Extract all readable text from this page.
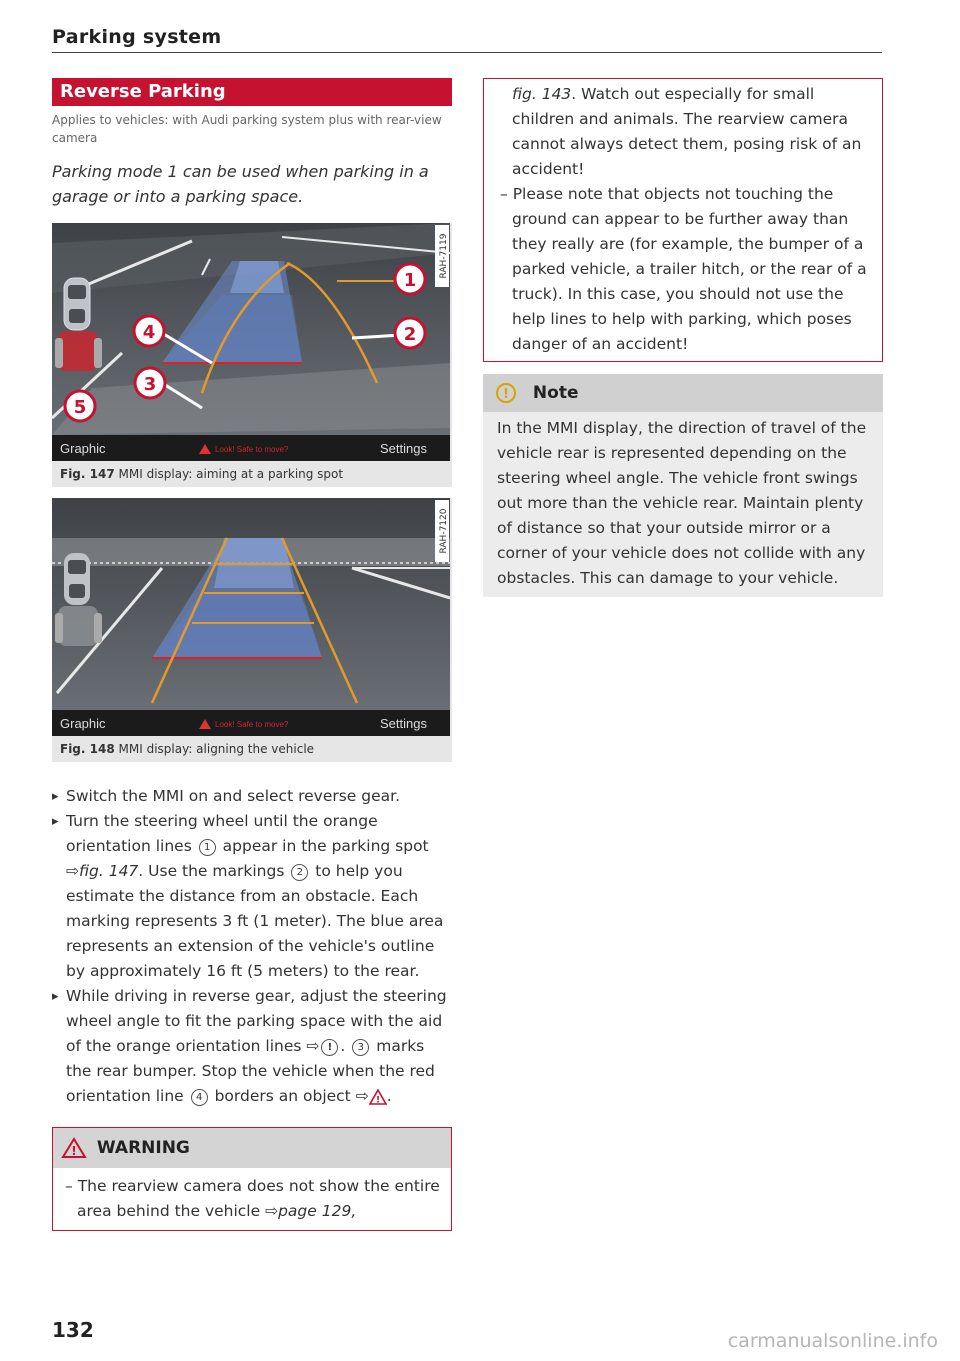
Parking system
Reverse Parking
Applies to vehicles: with Audi parking system plus with rear-view camera
Parking mode 1 can be used when parking in a garage or into a parking space.
1
2
3
4
5
RAH-7119
Graphic	Look! Safe to move?	Settings
Fig. 147 MMI display: aiming at a parking spot
RAH-7120
Graphic	Look! Safe to move?	Settings
Fig. 148 MMI display: aligning the vehicle
▸ Switch the MMI on and select reverse gear.
▸ Turn the steering wheel until the orange orientation lines 1 appear in the parking spot ⇨fig. 147. Use the markings 2 to help you estimate the distance from an obstacle. Each marking represents 3 ft (1 meter). The blue area represents an extension of the vehicle's outline by approximately 16 ft (5 meters) to the rear.
▸ While driving in reverse gear, adjust the steering wheel angle to fit the parking space with the aid of the orange orientation lines ⇨ ! . 3 marks the rear bumper. Stop the vehicle when the red orientation line 4 borders an object ⇨ ! .
! WARNING
– The rearview camera does not show the entire area behind the vehicle ⇨page 129,
fig. 143. Watch out especially for small children and animals. The rearview camera cannot always detect them, posing risk of an accident!
– Please note that objects not touching the ground can appear to be further away than they really are (for example, the bumper of a parked vehicle, a trailer hitch, or the rear of a truck). In this case, you should not use the help lines to help with parking, which poses danger of an accident!
! Note
In the MMI display, the direction of travel of the vehicle rear is represented depending on the steering wheel angle. The vehicle front swings out more than the vehicle rear. Maintain plenty of distance so that your outside mirror or a corner of your vehicle does not collide with any obstacles. This can damage to your vehicle.
132	carmanualsonline.info
